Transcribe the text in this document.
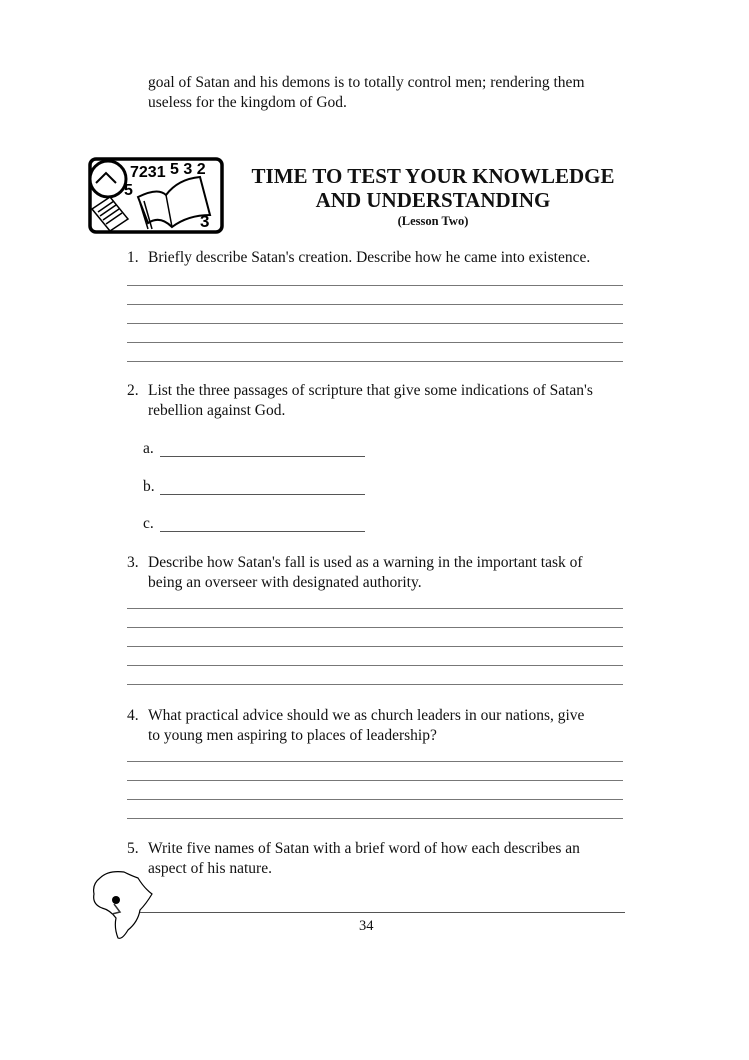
goal of Satan and his demons is to totally control men; rendering them
useless for the kingdom of God.
7231
5
5 3 2
3
TIME TO TEST YOUR KNOWLEDGE
AND UNDERSTANDING
(Lesson Two)
1. Briefly describe Satan's creation. Describe how he came into existence.
2. List the three passages of scripture that give some indications of Satan's
rebellion against God.
a.
b.
c.
3. Describe how Satan's fall is used as a warning in the important task of
being an overseer with designated authority.
4. What practical advice should we as church leaders in our nations, give
to young men aspiring to places of leadership?
5. Write five names of Satan with a brief word of how each describes an
aspect of his nature.
34
